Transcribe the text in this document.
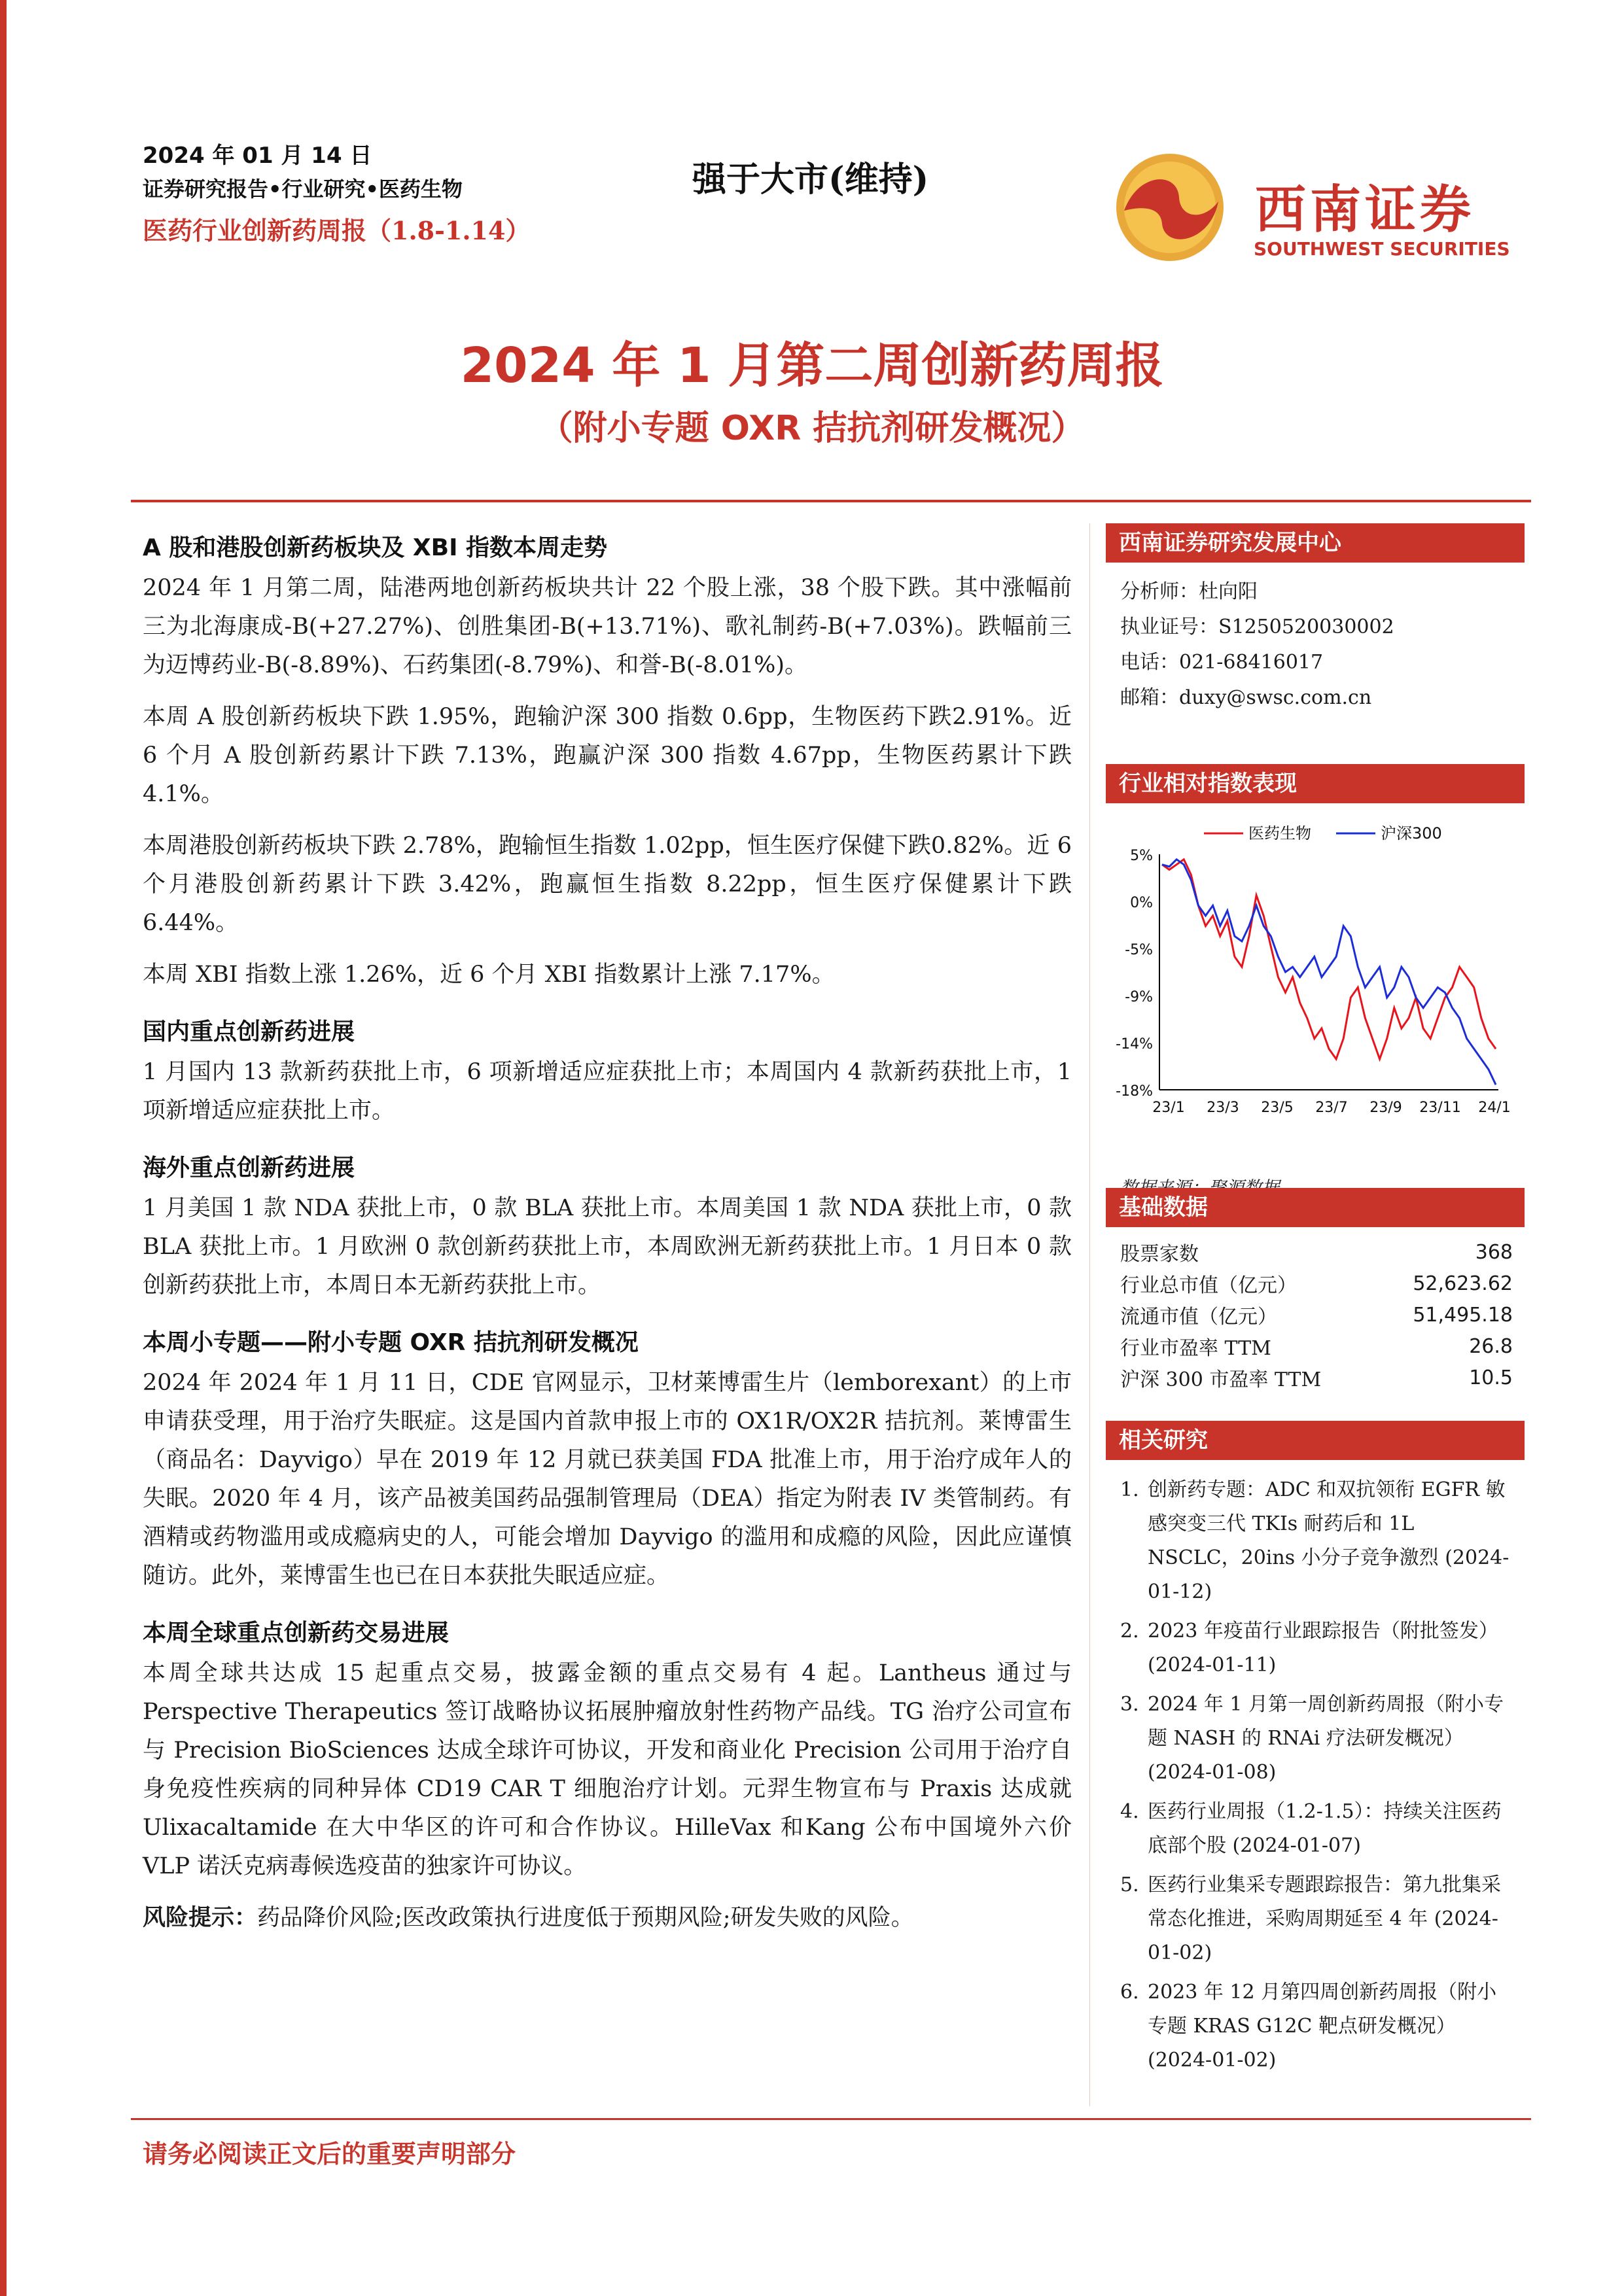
2024 年 01 月 14 日
证券研究报告•行业研究•医药生物
医药行业创新药周报（1.8-1.14）
强于大市(维持)
西南证券
SOUTHWEST SECURITIES
2024 年 1 月第二周创新药周报
（附小专题 OXR 拮抗剂研发概况）
A 股和港股创新药板块及 XBI 指数本周走势

2024 年 1 月第二周，陆港两地创新药板块共计 22 个股上涨，38 个股下跌。其中涨幅前三为北海康成-B(+27.27%)、创胜集团-B(+13.71%)、歌礼制药-B(+7.03%)。跌幅前三为迈博药业-B(-8.89%)、石药集团(-8.79%)、和誉-B(-8.01%)。

本周 A 股创新药板块下跌 1.95%，跑输沪深 300 指数 0.6pp，生物医药下跌2.91%。近 6 个月 A 股创新药累计下跌 7.13%，跑赢沪深 300 指数 4.67pp，生物医药累计下跌 4.1%。

本周港股创新药板块下跌 2.78%，跑输恒生指数 1.02pp，恒生医疗保健下跌0.82%。近 6 个月港股创新药累计下跌 3.42%，跑赢恒生指数 8.22pp，恒生医疗保健累计下跌 6.44%。

本周 XBI 指数上涨 1.26%，近 6 个月 XBI 指数累计上涨 7.17%。

国内重点创新药进展

1 月国内 13 款新药获批上市，6 项新增适应症获批上市；本周国内 4 款新药获批上市，1 项新增适应症获批上市。

海外重点创新药进展

1 月美国 1 款 NDA 获批上市，0 款 BLA 获批上市。本周美国 1 款 NDA 获批上市，0 款 BLA 获批上市。1 月欧洲 0 款创新药获批上市，本周欧洲无新药获批上市。1 月日本 0 款创新药获批上市，本周日本无新药获批上市。

本周小专题——附小专题 OXR 拮抗剂研发概况

2024 年 2024 年 1 月 11 日，CDE 官网显示，卫材莱博雷生片（lemborexant）的上市申请获受理，用于治疗失眠症。这是国内首款申报上市的 OX1R/OX2R 拮抗剂。莱博雷生（商品名：Dayvigo）早在 2019 年 12 月就已获美国 FDA 批准上市，用于治疗成年人的失眠。2020 年 4 月，该产品被美国药品强制管理局（DEA）指定为附表 IV 类管制药。有酒精或药物滥用或成瘾病史的人，可能会增加 Dayvigo 的滥用和成瘾的风险，因此应谨慎随访。此外，莱博雷生也已在日本获批失眠适应症。

本周全球重点创新药交易进展

本周全球共达成 15 起重点交易，披露金额的重点交易有 4 起。Lantheus 通过与Perspective Therapeutics 签订战略协议拓展肿瘤放射性药物产品线。TG 治疗公司宣布与 Precision BioSciences 达成全球许可协议，开发和商业化 Precision 公司用于治疗自身免疫性疾病的同种异体 CD19 CAR T 细胞治疗计划。元羿生物宣布与 Praxis 达成就 Ulixacaltamide 在大中华区的许可和合作协议。HilleVax 和Kang 公布中国境外六价 VLP 诺沃克病毒候选疫苗的独家许可协议。

风险提示：药品降价风险;医改政策执行进度低于预期风险;研发失败的风险。

西南证券研究发展中心
分析师：杜向阳
执业证号：S1250520030002
电话：021-68416017
邮箱：duxy@swsc.com.cn
行业相对指数表现
5%
0%
-5%
-9%
-14%
-18%
23/1 23/3 23/5 23/7 23/9 23/11 24/1
医药生物	沪深300
基础数据
股票家数	368
行业总市值（亿元）	52,623.62
流通市值（亿元）	51,495.18
行业市盈率 TTM	26.8
沪深 300 市盈率 TTM	10.5
相关研究
1. 创新药专题：ADC 和双抗领衔 EGFR 敏感突变三代 TKIs 耐药后和 1L NSCLC，20ins 小分子竞争激烈 (2024-01-12)
2. 2023 年疫苗行业跟踪报告（附批签发） (2024-01-11)
3. 2024 年 1 月第一周创新药周报（附小专题 NASH 的 RNAi 疗法研发概况） (2024-01-08)
4. 医药行业周报（1.2-1.5）：持续关注医药底部个股 (2024-01-07)
5. 医药行业集采专题跟踪报告：第九批集采常态化推进，采购周期延至 4 年 (2024-01-02)
6. 2023 年 12 月第四周创新药周报（附小专题 KRAS G12C 靶点研发概况） (2024-01-02)
请务必阅读正文后的重要声明部分
